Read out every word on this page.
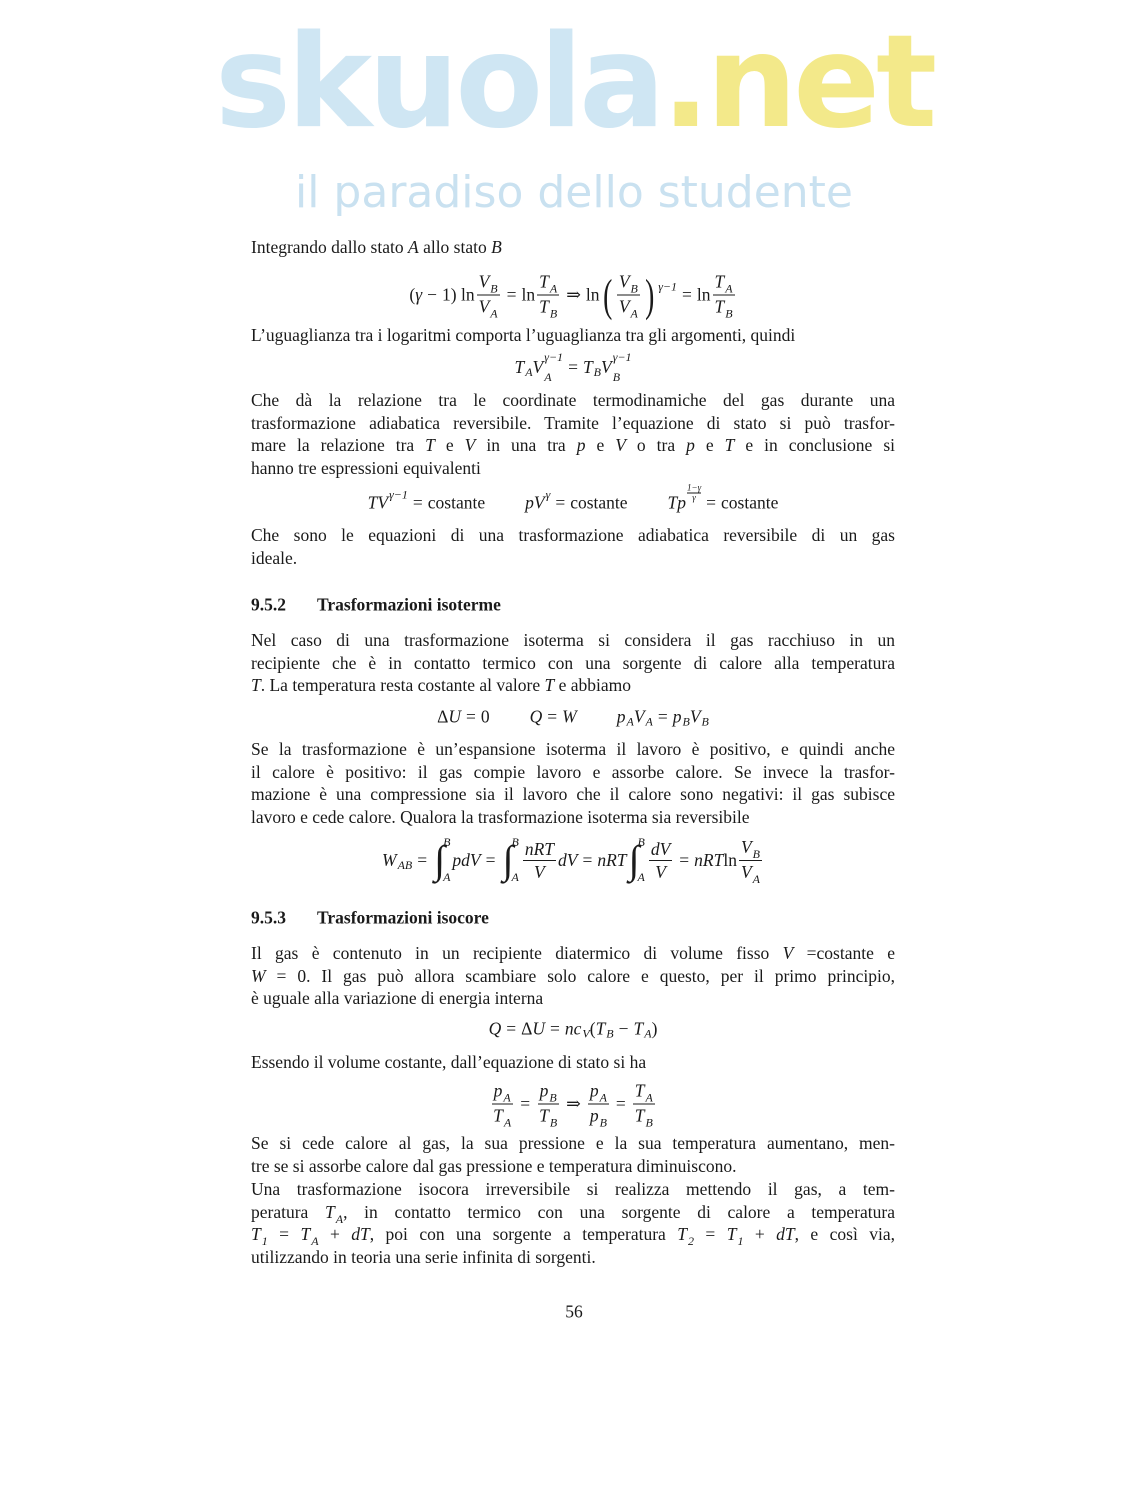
skuola.net
il paradiso dello studente
Integrando dallo stato A allo stato B
( γ − 1) $\ln \frac{V_B}{V_A} = \ln \frac{T_A}{T_B}$ ⇒ ln ( $\frac{V_B}{V_A}$ ) $\gamma-1 = \ln \frac{T_A}{T_B}$
L’uguaglianza tra i logaritmi comporta l’uguaglianza tra gli argomenti, quindi
T A V γ−1
A
= T B V γ−1
B
Che dà la relazione tra le coordinate termodinamiche del gas durante una
trasformazione adiabatica reversibile. Tramite l’equazione di stato si può trasfor-
mare la relazione tra T e V in una tra p e V o tra p e T e in conclusione si
hanno tre espressioni equivalenti
T V γ−1 = costante p V γ = costante T p $\frac{1-\gamma}{\gamma}$ = costante
Che sono le equazioni di una trasformazione adiabatica reversibile di un gas
ideale.
9.5.2 Trasformazioni isoterme
Nel caso di una trasformazione isoterma si considera il gas racchiuso in un
recipiente che è in contatto termico con una sorgente di calore alla temperatura
T. La temperatura resta costante al valore T e abbiamo
Δ U = 0 Q = W p A V A = p B V B
Se la trasformazione è un’espansione isoterma il lavoro è positivo, e quindi anche
il calore è positivo: il gas compie lavoro e assorbe calore. Se invece la trasfor-
mazione è una compressione sia il lavoro che il calore sono negativi: il gas subisce
lavoro e cede calore. Qualora la trasformazione isoterma sia reversibile
W AB = ∫
B
A
pdV = ∫
B
A $\frac{\text{nRT}}{V}$ dV = nRT ∫
B
A $\frac{dV}{V}$ = nRT $\ln \frac{V_B}{V_A}$
9.5.3 Trasformazioni isocore
Il gas è contenuto in un recipiente diatermico di volume fisso V =costante e
W = 0. Il gas può allora scambiare solo calore e questo, per il primo principio,
è uguale alla variazione di energia interna
Q = Δ U = n c V ( T B − T A )
Essendo il volume costante, dall’equazione di stato si ha
$\frac{p_A}{T_A} = \frac{p_B}{T_B}$ ⇒ $\frac{p_A}{p_B} = \frac{T_A}{T_B}$
Se si cede calore al gas, la sua pressione e la sua temperatura aumentano, men-
tre se si assorbe calore dal gas pressione e temperatura diminuiscono.
Una trasformazione isocora irreversibile si realizza mettendo il gas, a tem-
peratura $T_A$, in contatto termico con una sorgente di calore a temperatura
$T_1 = T_A$ + dT, poi con una sorgente a temperatura $T_2 = T_1$ + dT, e così via,
utilizzando in teoria una serie infinita di sorgenti.
56
